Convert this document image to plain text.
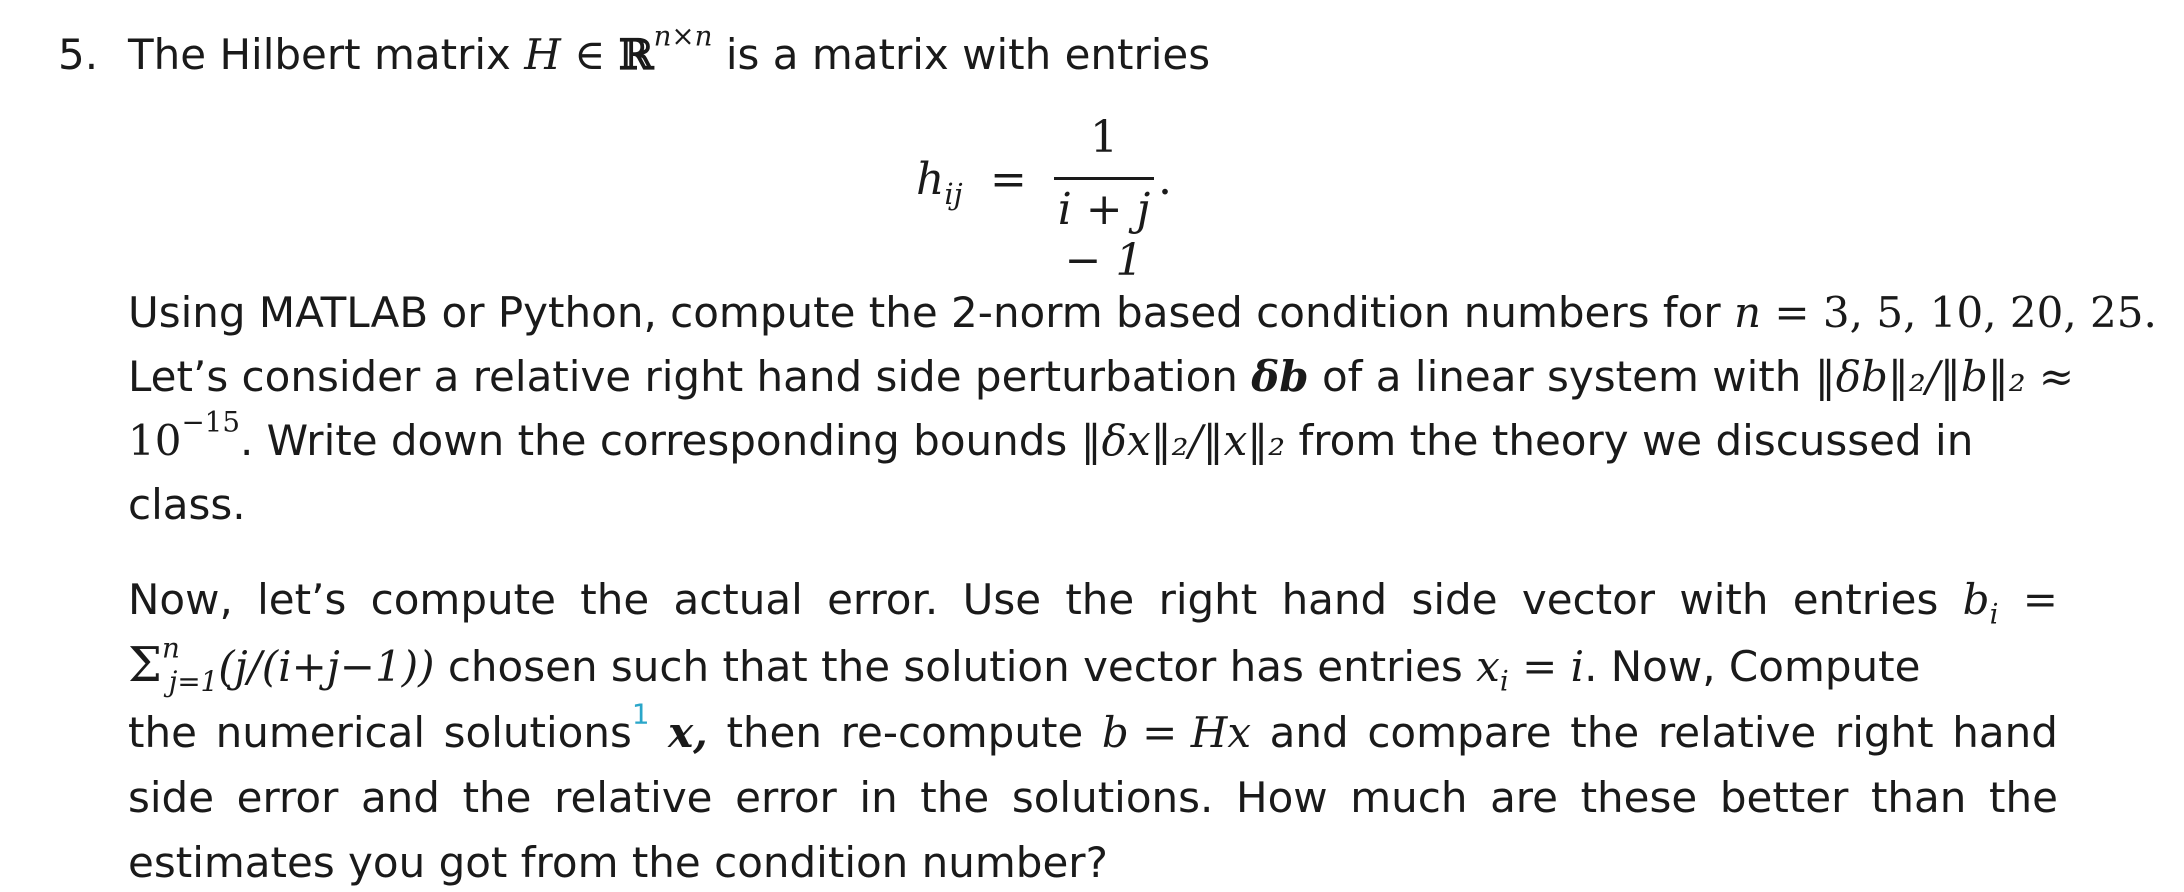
5. The Hilbert matrix H ∈ ℝ$^{n\times n}$ is a matrix with entries
$h_{ij}$ =
1
i + j − 1
.
Using MATLAB or Python, compute the 2-norm based condition numbers for n = 3, 5, 10, 20, 25.
Let’s consider a relative right hand side perturbation δb of a linear system with ‖δb‖₂/‖b‖₂ ≈
$10^{-15}$. Write down the corresponding bounds ‖δx‖₂/‖x‖₂ from the theory we discussed in
class.
Now, let’s compute the actual error. Use the right hand side vector with entries $b_i$ =
$\Sigma^n_{j=1}(j/(i+j-1))$ chosen such that the solution vector has entries $x_i = i$. Now, Compute
the numerical solutions$^1$ x, then re-compute b = Hx and compare the relative right hand
side error and the relative error in the solutions. How much are these better than the
estimates you got from the condition number?
